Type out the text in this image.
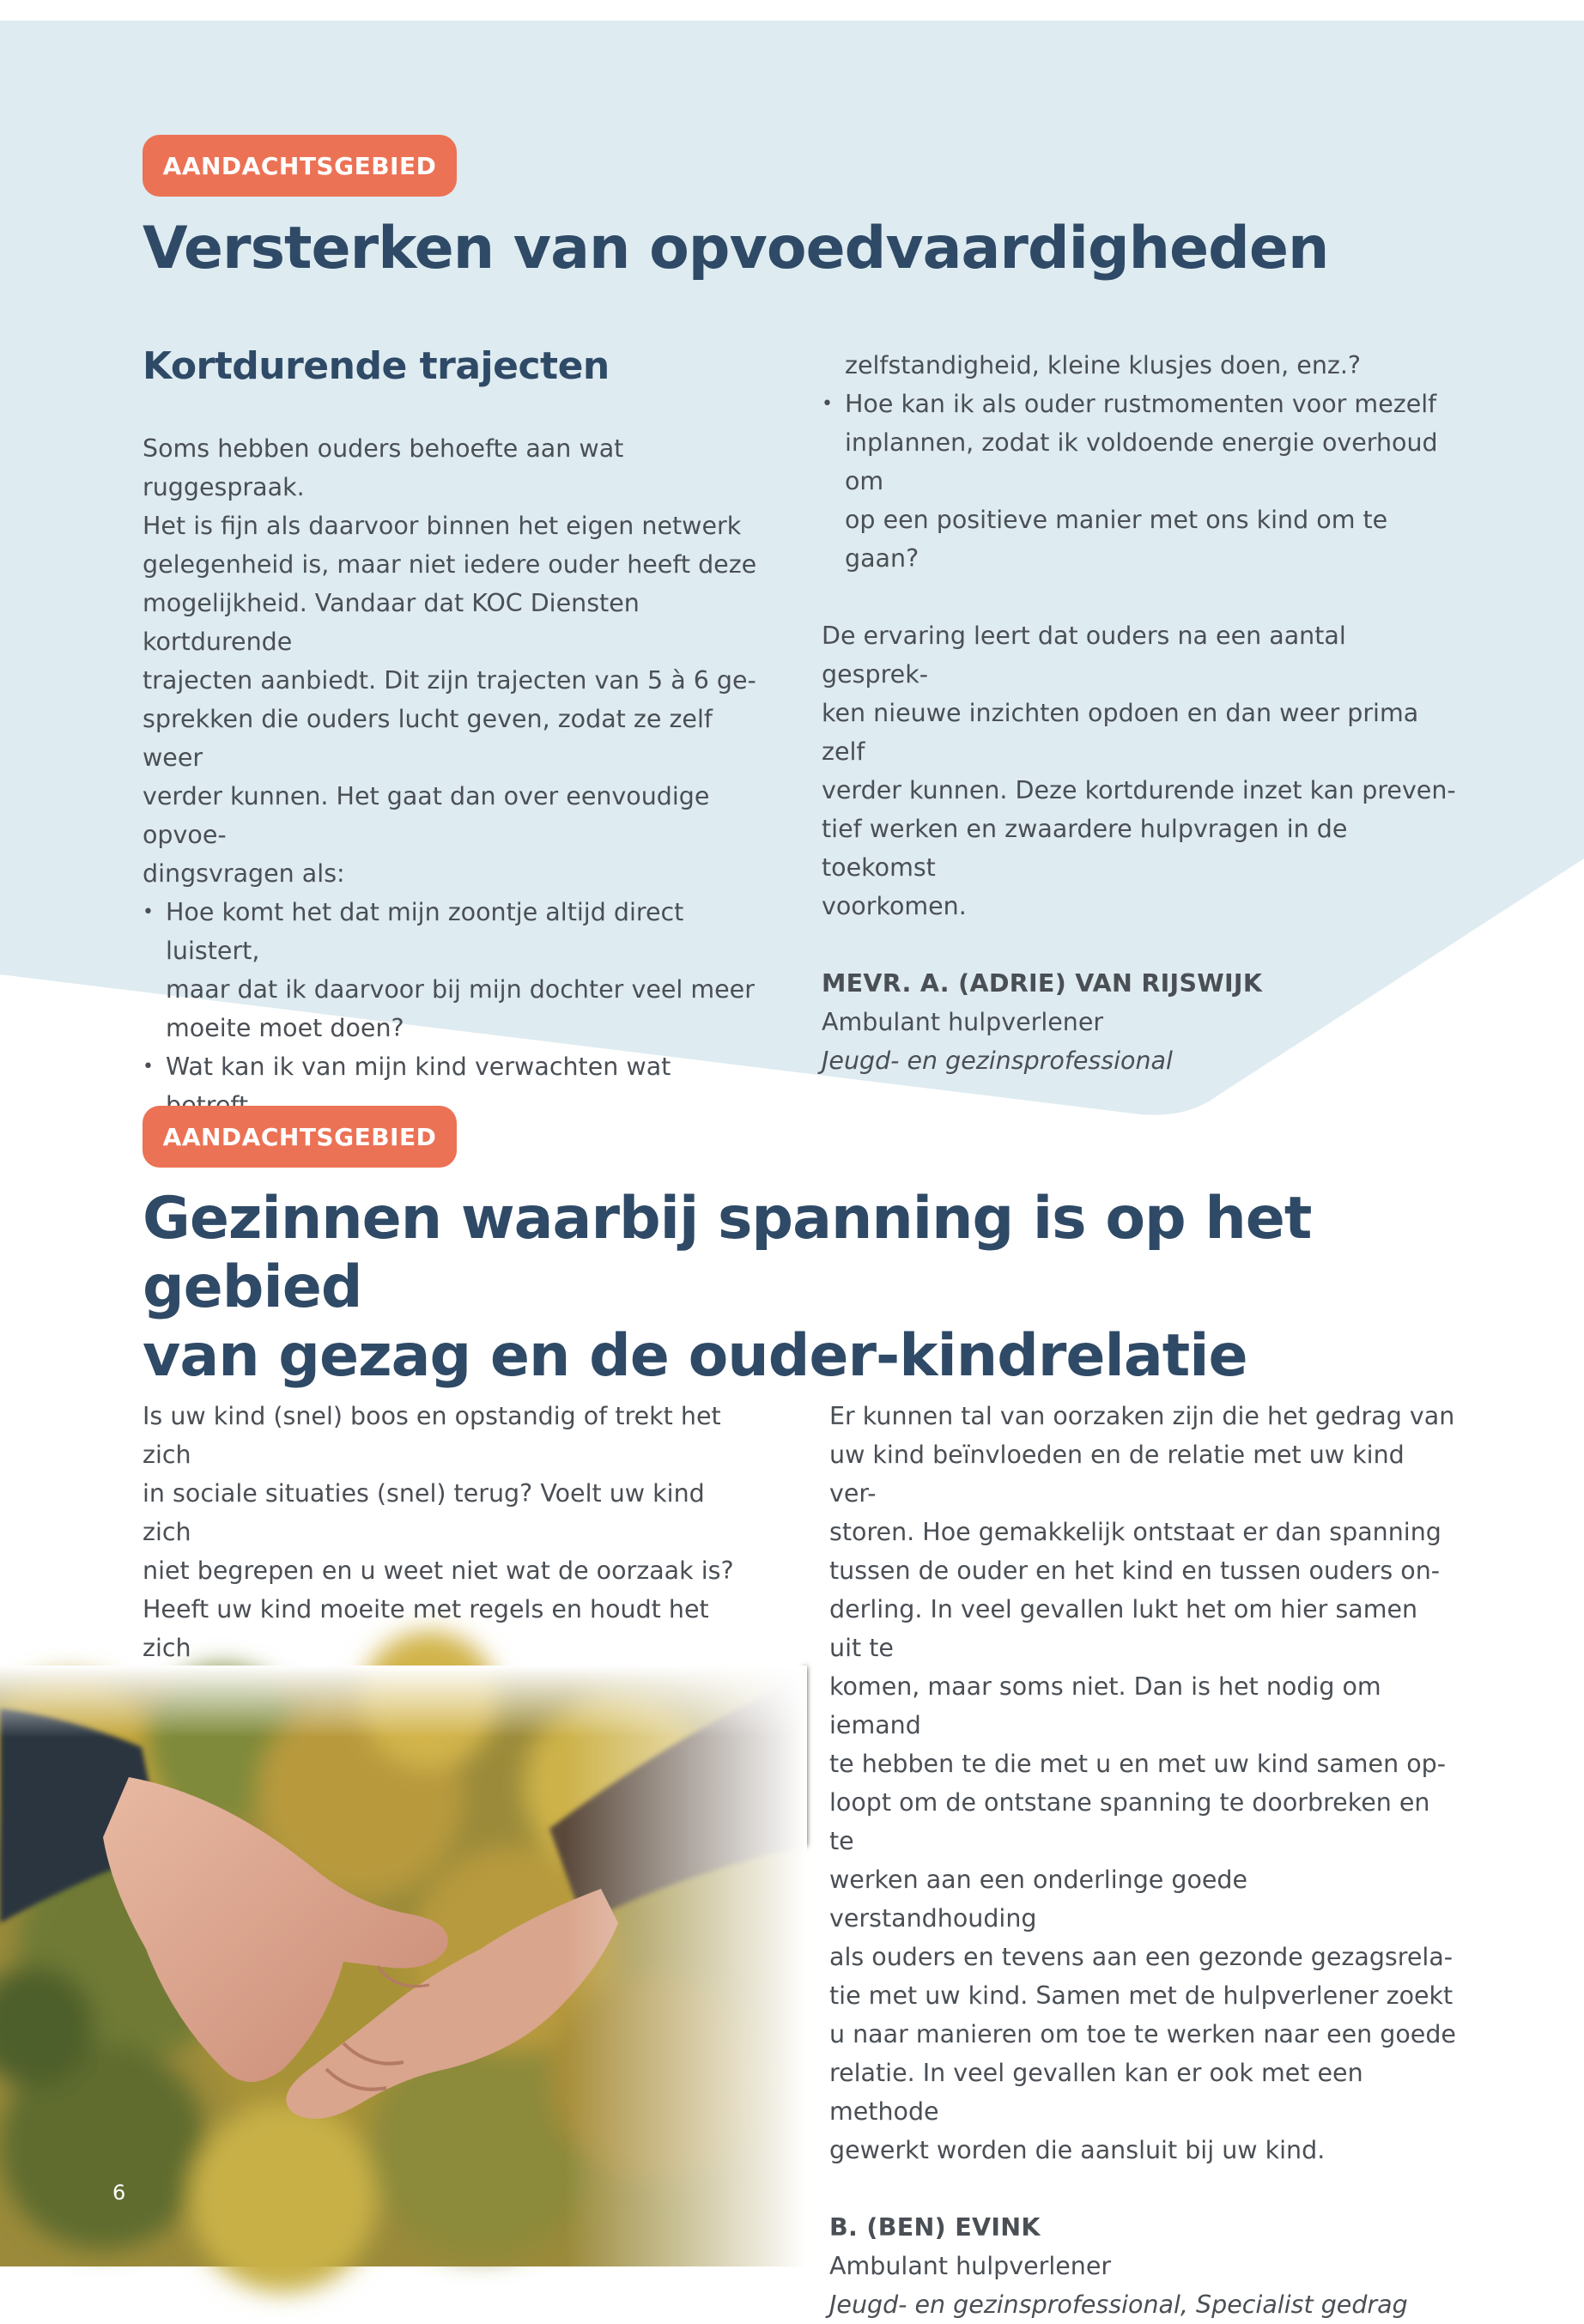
AANDACHTSGEBIED
Versterken van opvoedvaardigheden
Kortdurende trajecten

Soms hebben ouders behoefte aan wat ruggespraak.

Het is fijn als daarvoor binnen het eigen netwerk

gelegenheid is, maar niet iedere ouder heeft deze

mogelijkheid. Vandaar dat KOC Diensten kortdurende

trajecten aanbiedt. Dit zijn trajecten van 5 à 6 ge-

sprekken die ouders lucht geven, zodat ze zelf weer

verder kunnen. Het gaat dan over eenvoudige opvoe-

dingsvragen als:

• Hoe komt het dat mijn zoontje altijd direct luistert,

maar dat ik daarvoor bij mijn dochter veel meer

moeite moet doen?

• Wat kan ik van mijn kind verwachten wat

zelfstandigheid, kleine klusjes doen, enz.?

• Hoe kan ik als ouder rustmomenten voor mezelf

inplannen, zodat ik voldoende energie overhoud om

op een positieve manier met ons kind om te gaan?

De ervaring leert dat ouders na een aantal gesprek-

ken nieuwe inzichten opdoen en dan weer prima zelf

verder kunnen. Deze kortdurende inzet kan preven-

tief werken en zwaardere hulpvragen in de toekomst

voorkomen.

MEVR. A. (ADRIE) VAN RIJSWIJK

Ambulant hulpverlener

Jeugd- en gezinsprofessional

AANDACHTSGEBIED
Gezinnen waarbij spanning is op het gebied
van gezag en de ouder-kindrelatie

Is uw kind (snel) boos en opstandig of trekt het zich

in sociale situaties (snel) terug? Voelt uw kind zich

niet begrepen en u weet niet wat de oorzaak is?

Heeft uw kind moeite met regels en houdt het zich

Er kunnen tal van oorzaken zijn die het gedrag van

uw kind beïnvloeden en de relatie met uw kind ver-

storen. Hoe gemakkelijk ontstaat er dan spanning

tussen de ouder en het kind en tussen ouders on-

derling. In veel gevallen lukt het om hier samen uit te

komen, maar soms niet. Dan is het nodig om iemand

te hebben te die met u en met uw kind samen op-

loopt om de ontstane spanning te doorbreken en te

werken aan een onderlinge goede verstandhouding

als ouders en tevens aan een gezonde gezagsrela-

tie met uw kind. Samen met de hulpverlener zoekt

u naar manieren om toe te werken naar een goede

relatie. In veel gevallen kan er ook met een methode

gewerkt worden die aansluit bij uw kind.

B. (BEN) EVINK

Ambulant hulpverlener

Jeugd- en gezinsprofessional, Specialist gedrag

6
